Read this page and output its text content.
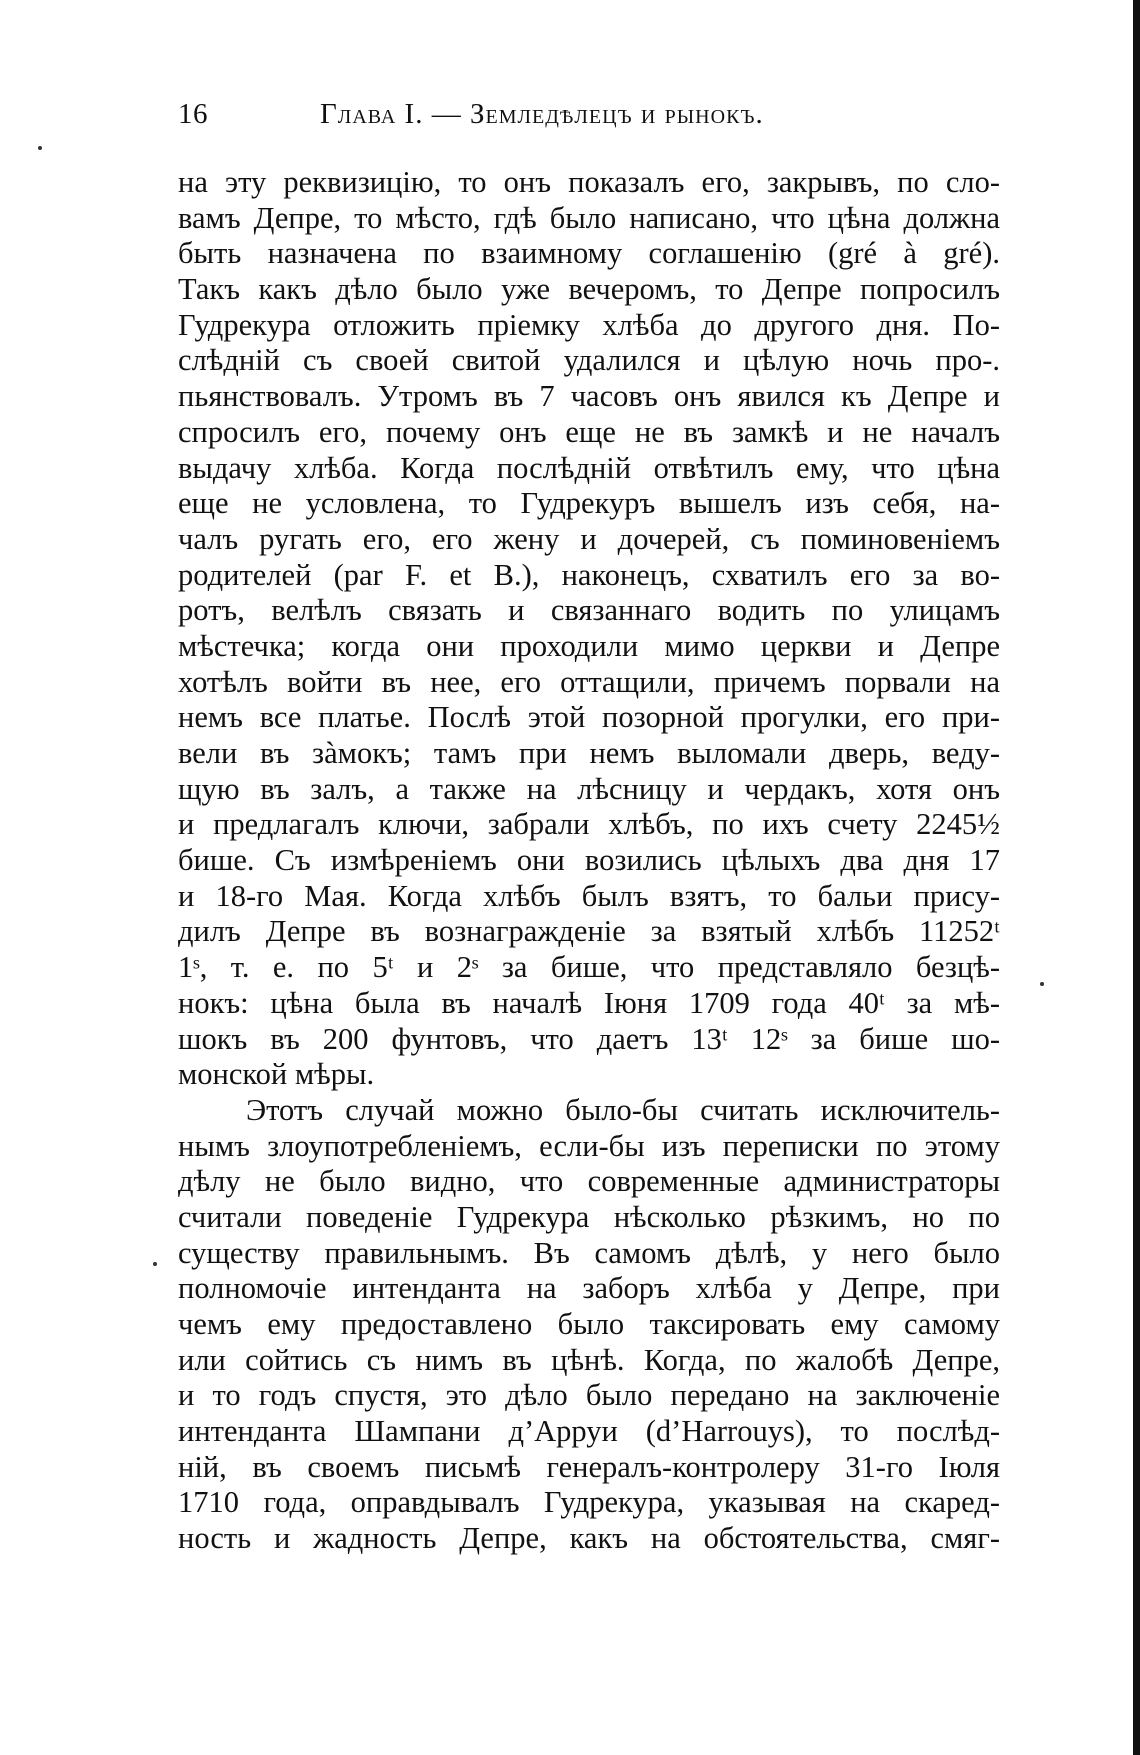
16	Глава I. — Земледѣлецъ и рынокъ.
на эту реквизицію, то онъ показалъ его, закрывъ, по сло-
вамъ Депре, то мѣсто, гдѣ было написано, что цѣна должна
быть назначена по взаимному соглашенію (gré à gré).
Такъ какъ дѣло было уже вечеромъ, то Депре попросилъ
Гудрекура отложить пріемку хлѣба до другого дня. По-
слѣдній съ своей свитой удалился и цѣлую ночь про-.
пьянствовалъ. Утромъ въ 7 часовъ онъ явился къ Депре и
спросилъ его, почему онъ еще не въ замкѣ и не началъ
выдачу хлѣба. Когда послѣдній отвѣтилъ ему, что цѣна
еще не условлена, то Гудрекуръ вышелъ изъ себя, на-
чалъ ругать его, его жену и дочерей, съ поминовеніемъ
родителей (par F. et B.), наконецъ, схватилъ его за во-
ротъ, велѣлъ связать и связаннаго водить по улицамъ
мѣстечка; когда они проходили мимо церкви и Депре
хотѣлъ войти въ нее, его оттащили, причемъ порвали на
немъ все платье. Послѣ этой позорной прогулки, его при-
вели въ зàмокъ; тамъ при немъ выломали дверь, веду-
щую въ залъ, а также на лѣсницу и чердакъ, хотя онъ
и предлагалъ ключи, забрали хлѣбъ, по ихъ счету 2245½
бише. Съ измѣреніемъ они возились цѣлыхъ два дня 17
и 18-го Мая. Когда хлѣбъ былъ взятъ, то бальи прису-
дилъ Депре въ вознагражденіе за взятый хлѣбъ 11252ᵗ
1ˢ, т. е. по 5ᵗ и 2ˢ за бише, что представляло безцѣ-
нокъ: цѣна была въ началѣ Іюня 1709 года 40ᵗ за мѣ-
шокъ въ 200 фунтовъ, что даетъ 13ᵗ 12ˢ за бише шо-
монской мѣры.
Этотъ случай можно было-бы считать исключитель-
нымъ злоупотребленіемъ, если-бы изъ переписки по этому
дѣлу не было видно, что современные администраторы
считали поведеніе Гудрекура нѣсколько рѣзкимъ, но по
существу правильнымъ. Въ самомъ дѣлѣ, у него было
полномочіе интенданта на заборъ хлѣба у Депре, при
чемъ ему предоставлено было таксировать ему самому
или сойтись съ нимъ въ цѣнѣ. Когда, по жалобѣ Депре,
и то годъ спустя, это дѣло было передано на заключеніе
интенданта Шампани д’Арруи (d’Harrouys), то послѣд-
ній, въ своемъ письмѣ генералъ-контролеру 31-го Іюля
1710 года, оправдывалъ Гудрекура, указывая на скаред-
ность и жадность Депре, какъ на обстоятельства, смяг-
